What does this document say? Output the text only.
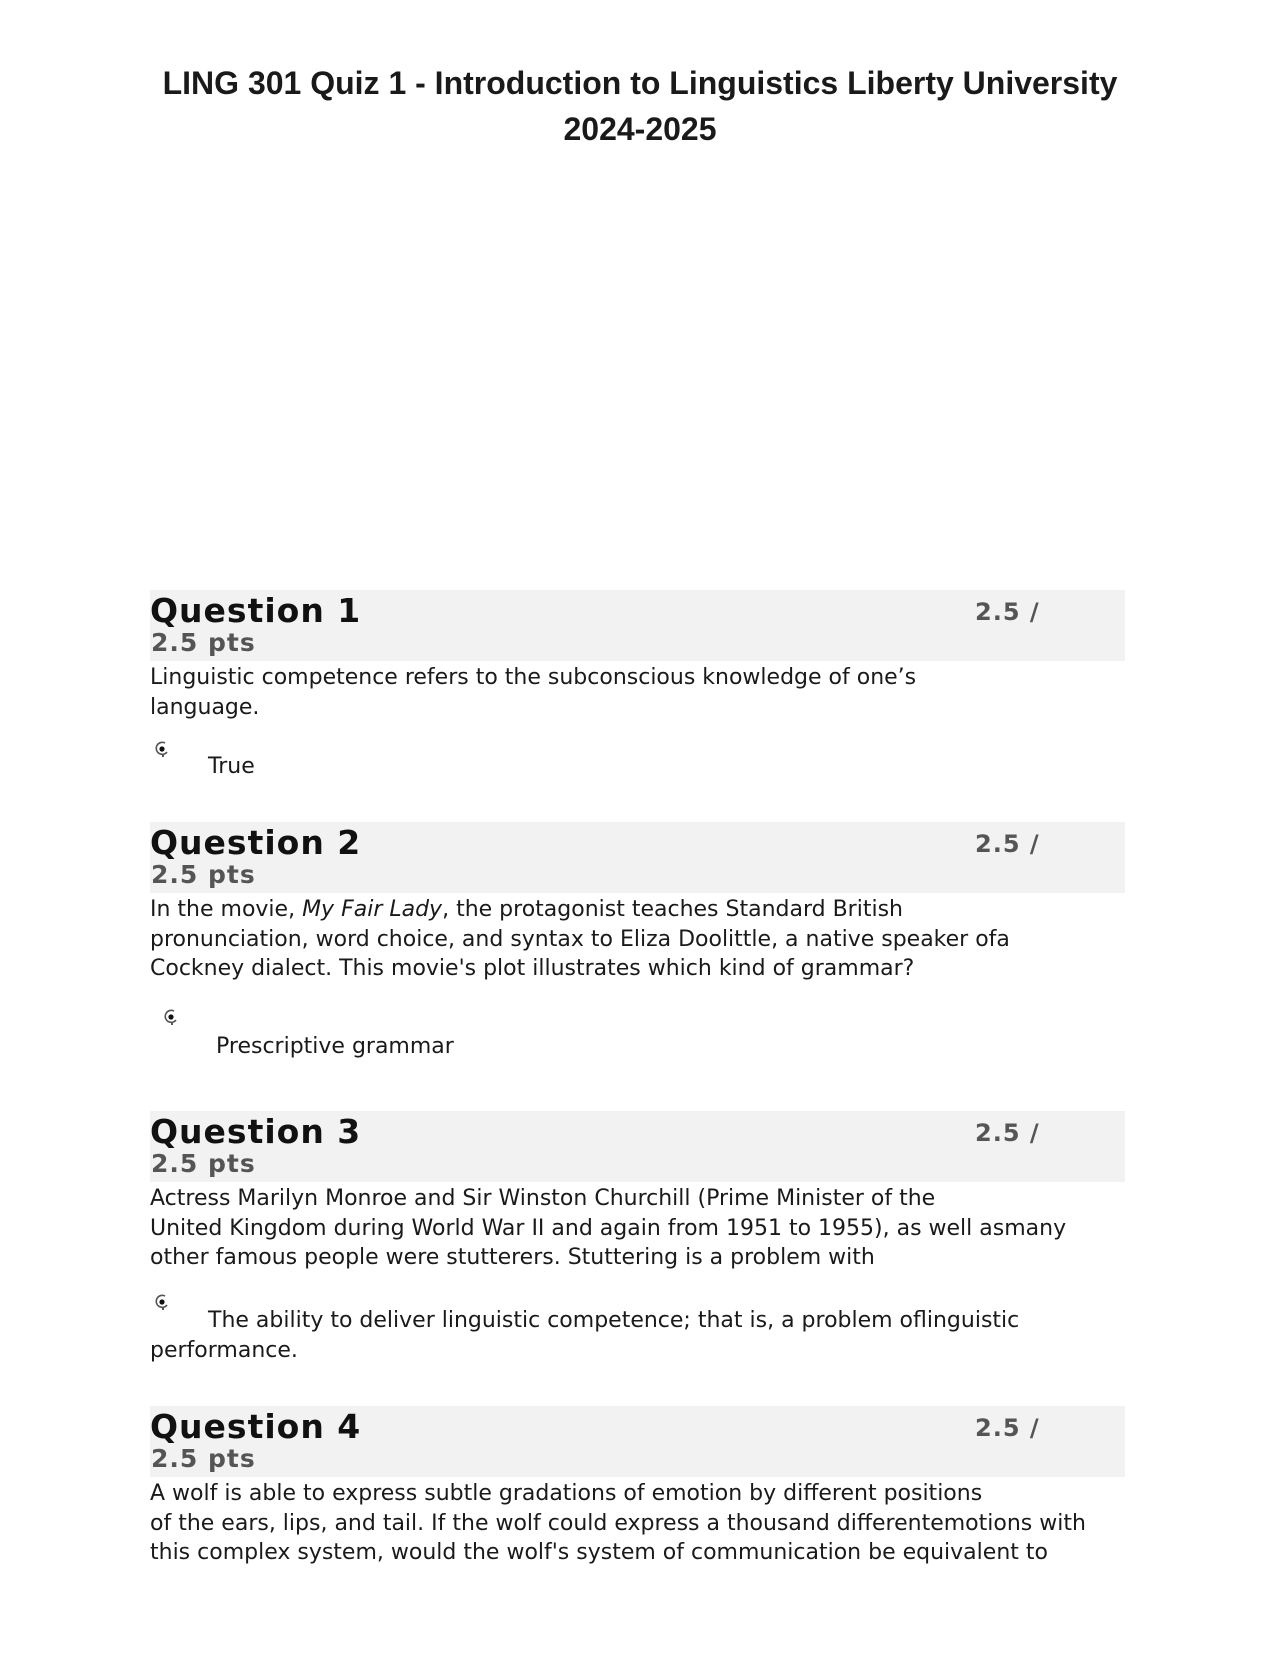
LING 301 Quiz 1 - Introduction to Linguistics Liberty University
2024-2025
Question 1	2.5 /
2.5 pts

Linguistic competence refers to the subconscious knowledge of one’s
language.

True
Question 2	2.5 /
2.5 pts

In the movie, My Fair Lady, the protagonist teaches Standard British
pronunciation, word choice, and syntax to Eliza Doolittle, a native speaker ofa
Cockney dialect. This movie's plot illustrates which kind of grammar?

Prescriptive grammar
Question 3	2.5 /
2.5 pts

Actress Marilyn Monroe and Sir Winston Churchill (Prime Minister of the
United Kingdom during World War II and again from 1951 to 1955), as well asmany
other famous people were stutterers. Stuttering is a problem with

The ability to deliver linguistic competence; that is, a problem oflinguistic
performance.
Question 4	2.5 /
2.5 pts

A wolf is able to express subtle gradations of emotion by different positions
of the ears, lips, and tail. If the wolf could express a thousand differentemotions with
this complex system, would the wolf's system of communication be equivalent to
